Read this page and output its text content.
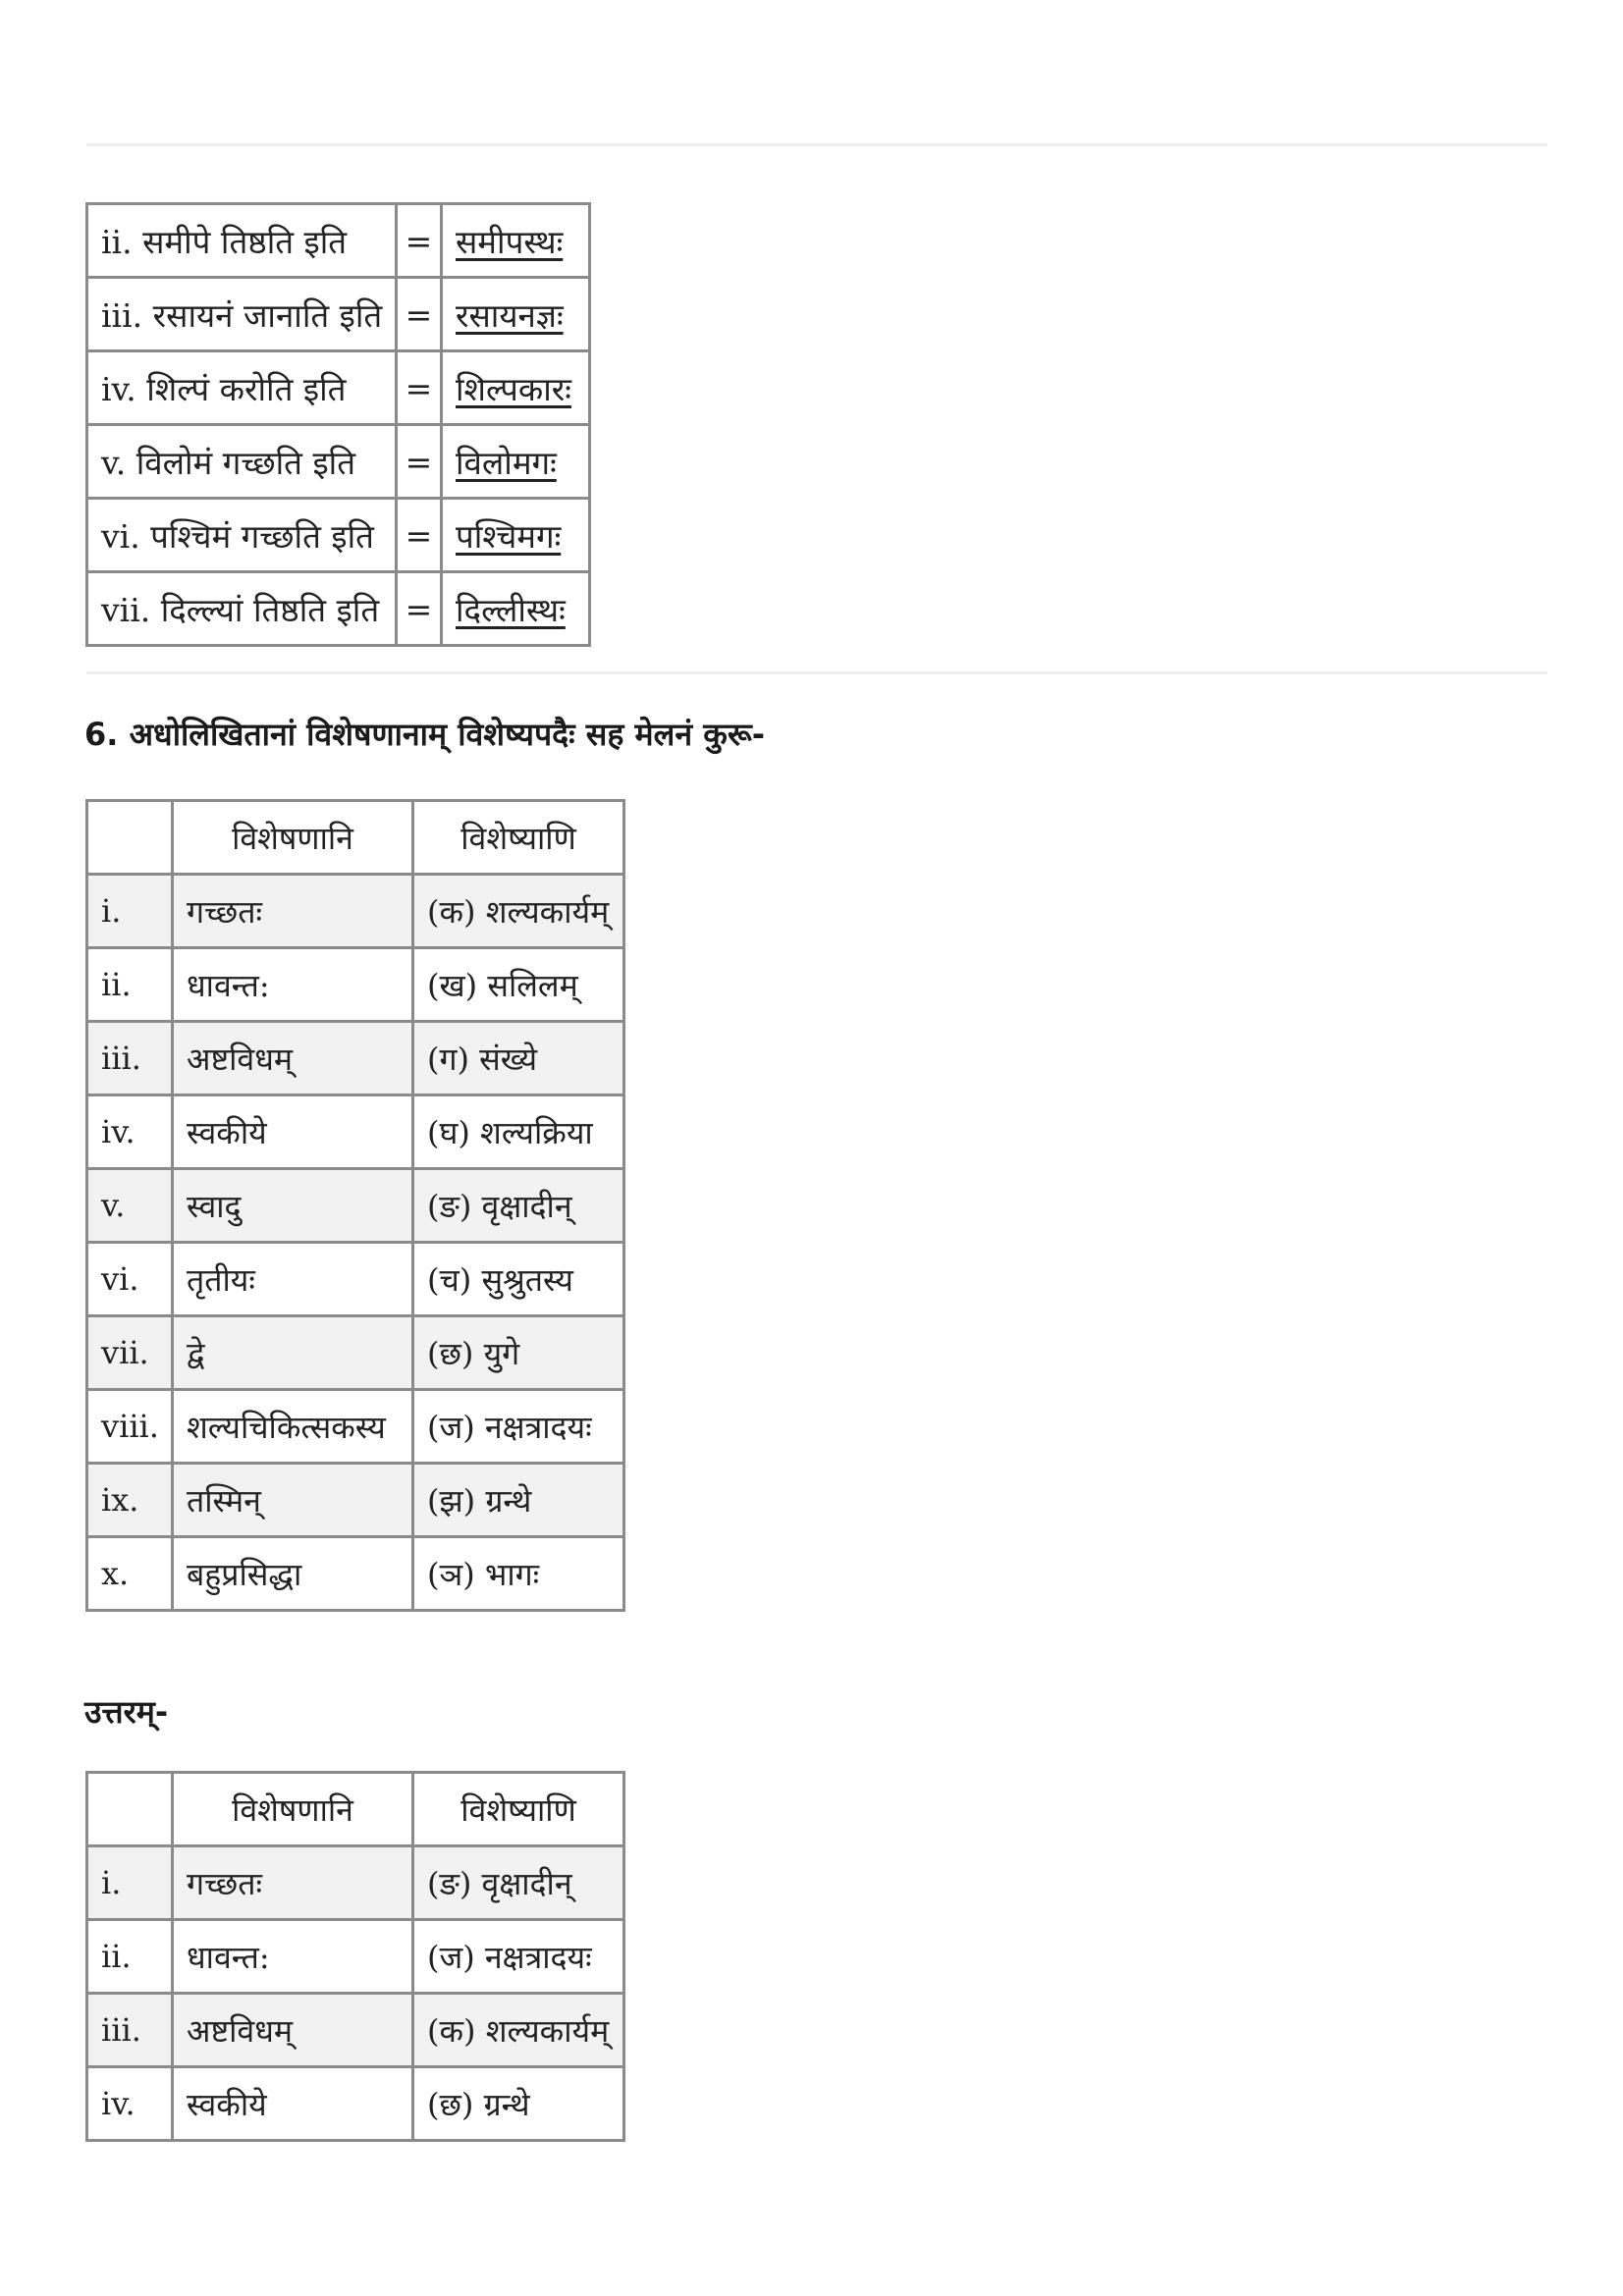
ii. समीपे तिष्ठति इति	=	समीपस्थः
iii. रसायनं जानाति इति	=	रसायनज्ञः
iv. शिल्पं करोति इति	=	शिल्पकारः
v. विलोमं गच्छति इति	=	विलोमगः
vi. पश्चिमं गच्छति इति	=	पश्चिमगः
vii. दिल्ल्यां तिष्ठति इति	=	दिल्लीस्थः
6. अधोलिखितानां विशेषणानाम् विशेष्यपदैः सह मेलनं कुरू-
	विशेषणानि	विशेष्याणि
i.	गच्छतः	(क) शल्यकार्यम्
ii.	धावन्त:	(ख) सलिलम्
iii.	अष्टविधम्	(ग) संख्ये
iv.	स्वकीये	(घ) शल्यक्रिया
v.	स्वादु	(ङ) वृक्षादीन्
vi.	तृतीयः	(च) सुश्रुतस्य
vii.	द्वे	(छ) युगे
viii.	शल्यचिकित्सकस्य	(ज) नक्षत्रादयः
ix.	तस्मिन्	(झ) ग्रन्थे
x.	बहुप्रसिद्धा	(ञ) भागः
उत्तरम्-
	विशेषणानि	विशेष्याणि
i.	गच्छतः	(ङ) वृक्षादीन्
ii.	धावन्त:	(ज) नक्षत्रादयः
iii.	अष्टविधम्	(क) शल्यकार्यम्
iv.	स्वकीये	(छ) ग्रन्थे
